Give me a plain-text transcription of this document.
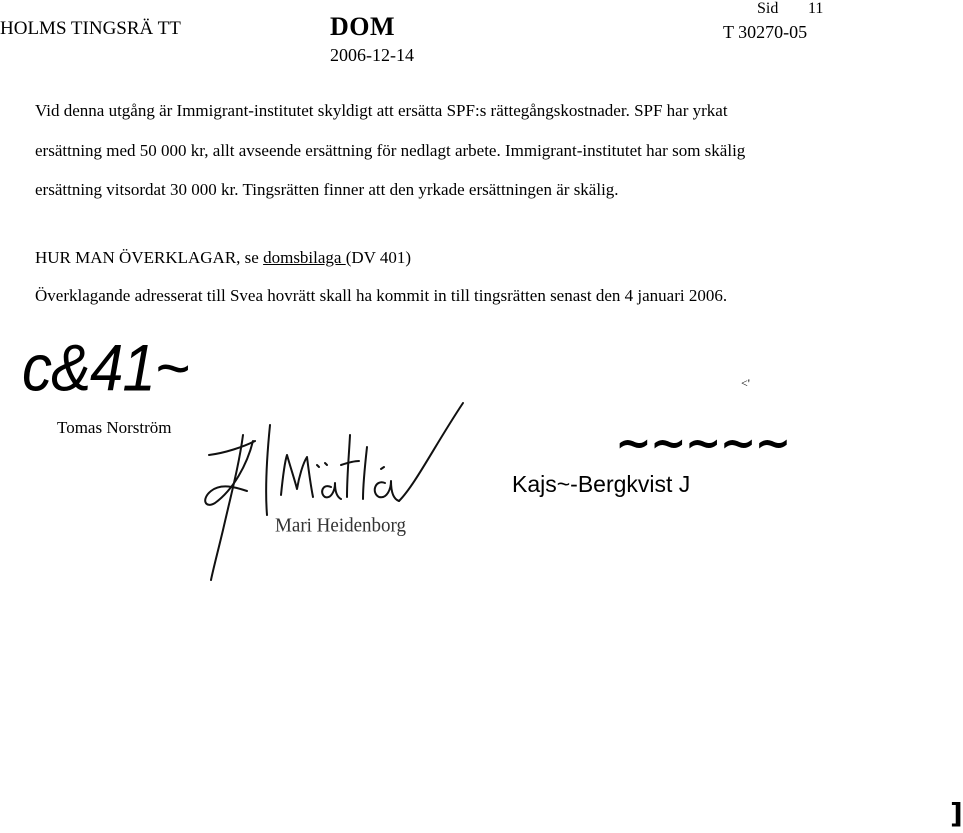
HOLMS TINGSRÄ TT	DOM
2006-12-14
T 30270-05
Sid 11
Vid denna utgång är Immigrant-institutet skyldigt att ersätta SPF:s rättegångskostnader. SPF har yrkat
ersättning med 50 000 kr, allt avseende ersättning för nedlagt arbete. Immigrant-institutet har som skälig
ersättning vitsordat 30 000 kr. Tingsrätten finner att den yrkade ersättningen är skälig.
HUR MAN ÖVERKLAGAR, se domsbilaga (DV 401)
Överklagande adresserat till Svea hovrätt skall ha kommit in till tingsrätten senast den 4 januari 2006.
c&41~	<'
Tomas Norström	~~~~~
Kajs~-Bergkvist J
Mari Heidenborg
]
